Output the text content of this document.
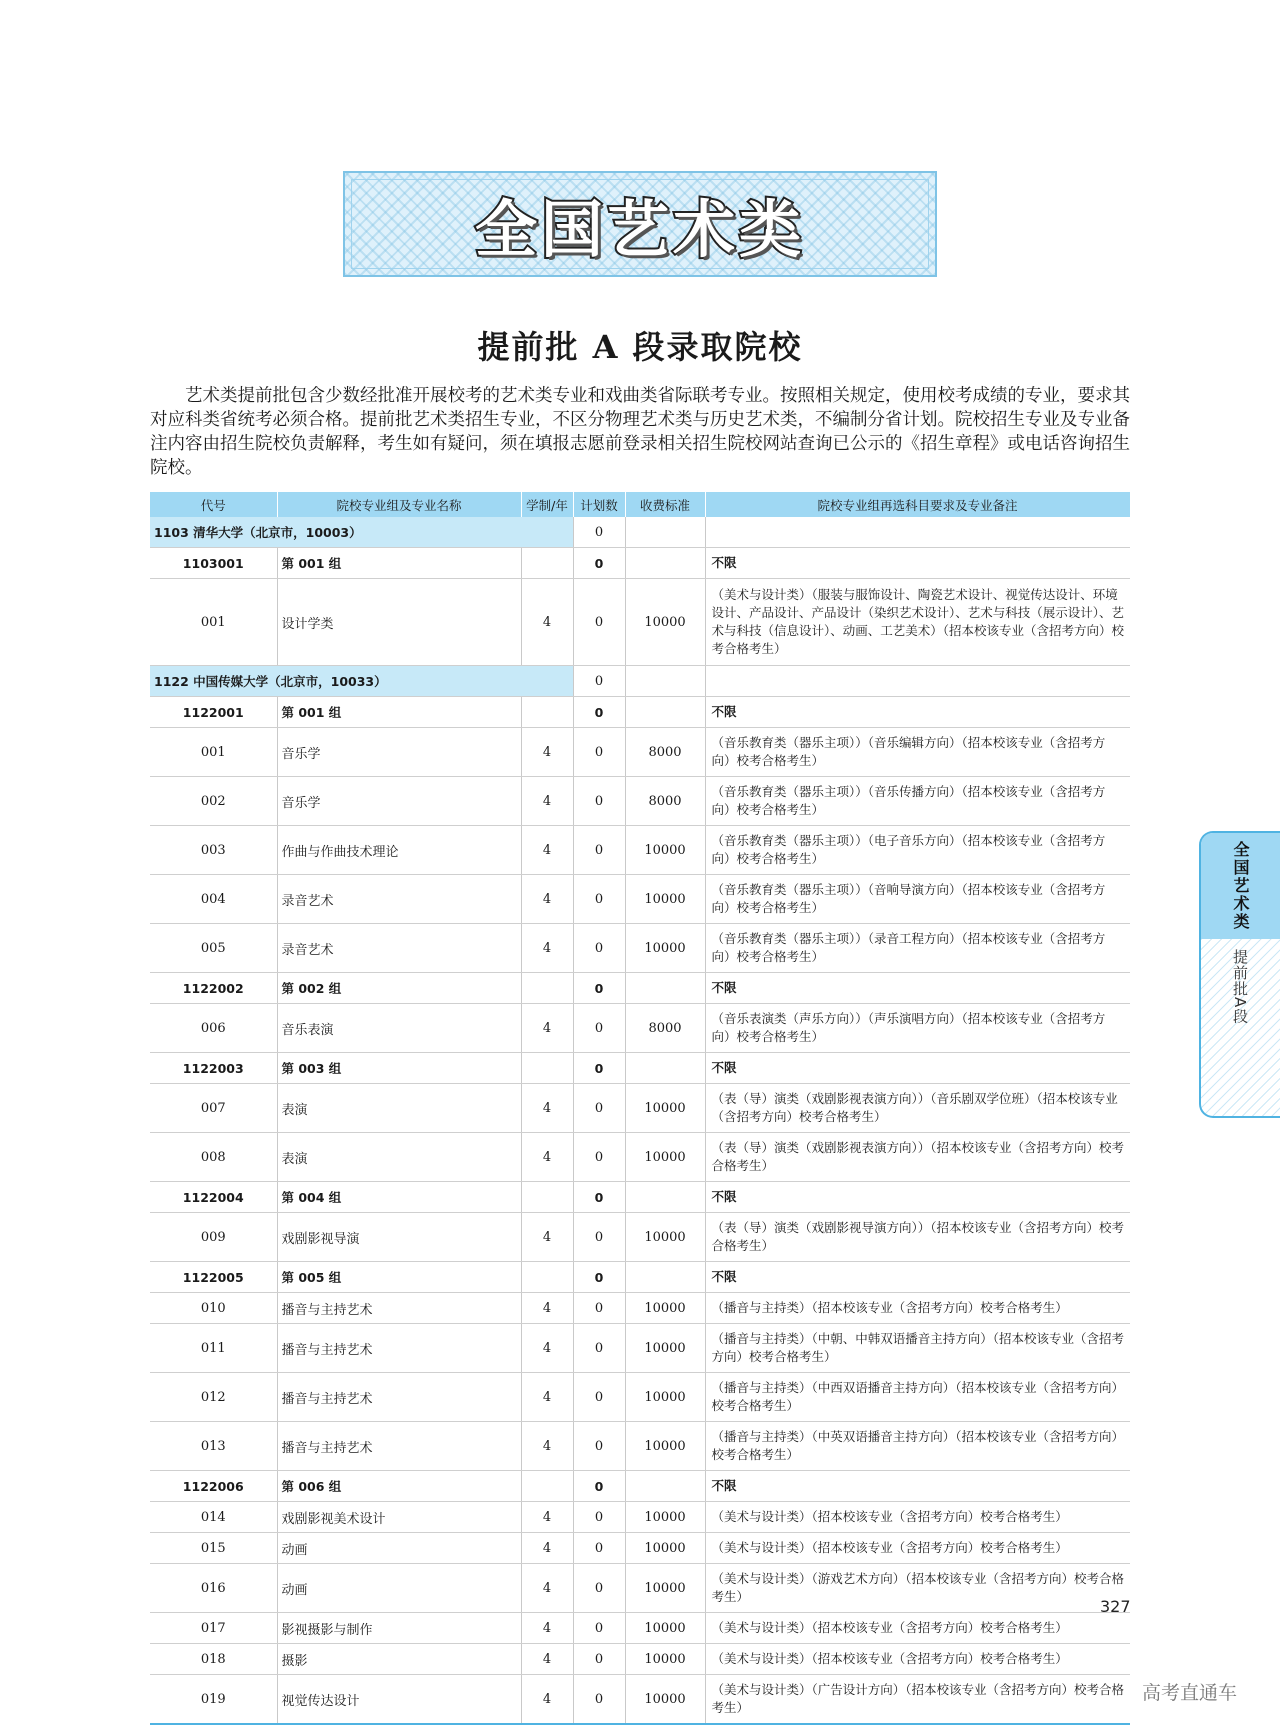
全国艺术类
提前批 A 段录取院校
艺术类提前批包含少数经批准开展校考的艺术类专业和戏曲类省际联考专业。按照相关规定，使用校考成绩的专业，要求其对应科类省统考必须合格。提前批艺术类招生专业，不区分物理艺术类与历史艺术类，不编制分省计划。院校招生专业及专业备注内容由招生院校负责解释，考生如有疑问，须在填报志愿前登录相关招生院校网站查询已公示的《招生章程》或电话咨询招生院校。
代号	院校专业组及专业名称	学制/年	计划数	收费标准	院校专业组再选科目要求及专业备注
1103 清华大学（北京市，10003）			0		
1103001	第 001 组		0		不限
001	设计学类	4	0	10000	（美术与设计类）（服装与服饰设计、陶瓷艺术设计、视觉传达设计、环境设计、产品设计、产品设计（染织艺术设计）、艺术与科技（展示设计）、艺术与科技（信息设计）、动画、工艺美术）（招本校该专业（含招考方向）校考合格考生）
1122 中国传媒大学（北京市，10033）			0		
1122001	第 001 组		0		不限
001	音乐学	4	0	8000	（音乐教育类（器乐主项））（音乐编辑方向）（招本校该专业（含招考方向）校考合格考生）
002	音乐学	4	0	8000	（音乐教育类（器乐主项））（音乐传播方向）（招本校该专业（含招考方向）校考合格考生）
003	作曲与作曲技术理论	4	0	10000	（音乐教育类（器乐主项））（电子音乐方向）（招本校该专业（含招考方向）校考合格考生）
004	录音艺术	4	0	10000	（音乐教育类（器乐主项））（音响导演方向）（招本校该专业（含招考方向）校考合格考生）
005	录音艺术	4	0	10000	（音乐教育类（器乐主项））（录音工程方向）（招本校该专业（含招考方向）校考合格考生）
1122002	第 002 组		0		不限
006	音乐表演	4	0	8000	（音乐表演类（声乐方向））（声乐演唱方向）（招本校该专业（含招考方向）校考合格考生）
1122003	第 003 组		0		不限
007	表演	4	0	10000	（表（导）演类（戏剧影视表演方向））（音乐剧双学位班）（招本校该专业（含招考方向）校考合格考生）
008	表演	4	0	10000	（表（导）演类（戏剧影视表演方向））（招本校该专业（含招考方向）校考合格考生）
1122004	第 004 组		0		不限
009	戏剧影视导演	4	0	10000	（表（导）演类（戏剧影视导演方向））（招本校该专业（含招考方向）校考合格考生）
1122005	第 005 组		0		不限
010	播音与主持艺术	4	0	10000	（播音与主持类）（招本校该专业（含招考方向）校考合格考生）
011	播音与主持艺术	4	0	10000	（播音与主持类）（中朝、中韩双语播音主持方向）（招本校该专业（含招考方向）校考合格考生）
012	播音与主持艺术	4	0	10000	（播音与主持类）（中西双语播音主持方向）（招本校该专业（含招考方向）校考合格考生）
013	播音与主持艺术	4	0	10000	（播音与主持类）（中英双语播音主持方向）（招本校该专业（含招考方向）校考合格考生）
1122006	第 006 组		0		不限
014	戏剧影视美术设计	4	0	10000	（美术与设计类）（招本校该专业（含招考方向）校考合格考生）
015	动画	4	0	10000	（美术与设计类）（招本校该专业（含招考方向）校考合格考生）
016	动画	4	0	10000	（美术与设计类）（游戏艺术方向）（招本校该专业（含招考方向）校考合格考生）
017	影视摄影与制作	4	0	10000	（美术与设计类）（招本校该专业（含招考方向）校考合格考生）
018	摄影	4	0	10000	（美术与设计类）（招本校该专业（含招考方向）校考合格考生）
019	视觉传达设计	4	0	10000	（美术与设计类）（广告设计方向）（招本校该专业（含招考方向）校考合格考生）
全国艺术类
提前批A段
327
高考直通车
